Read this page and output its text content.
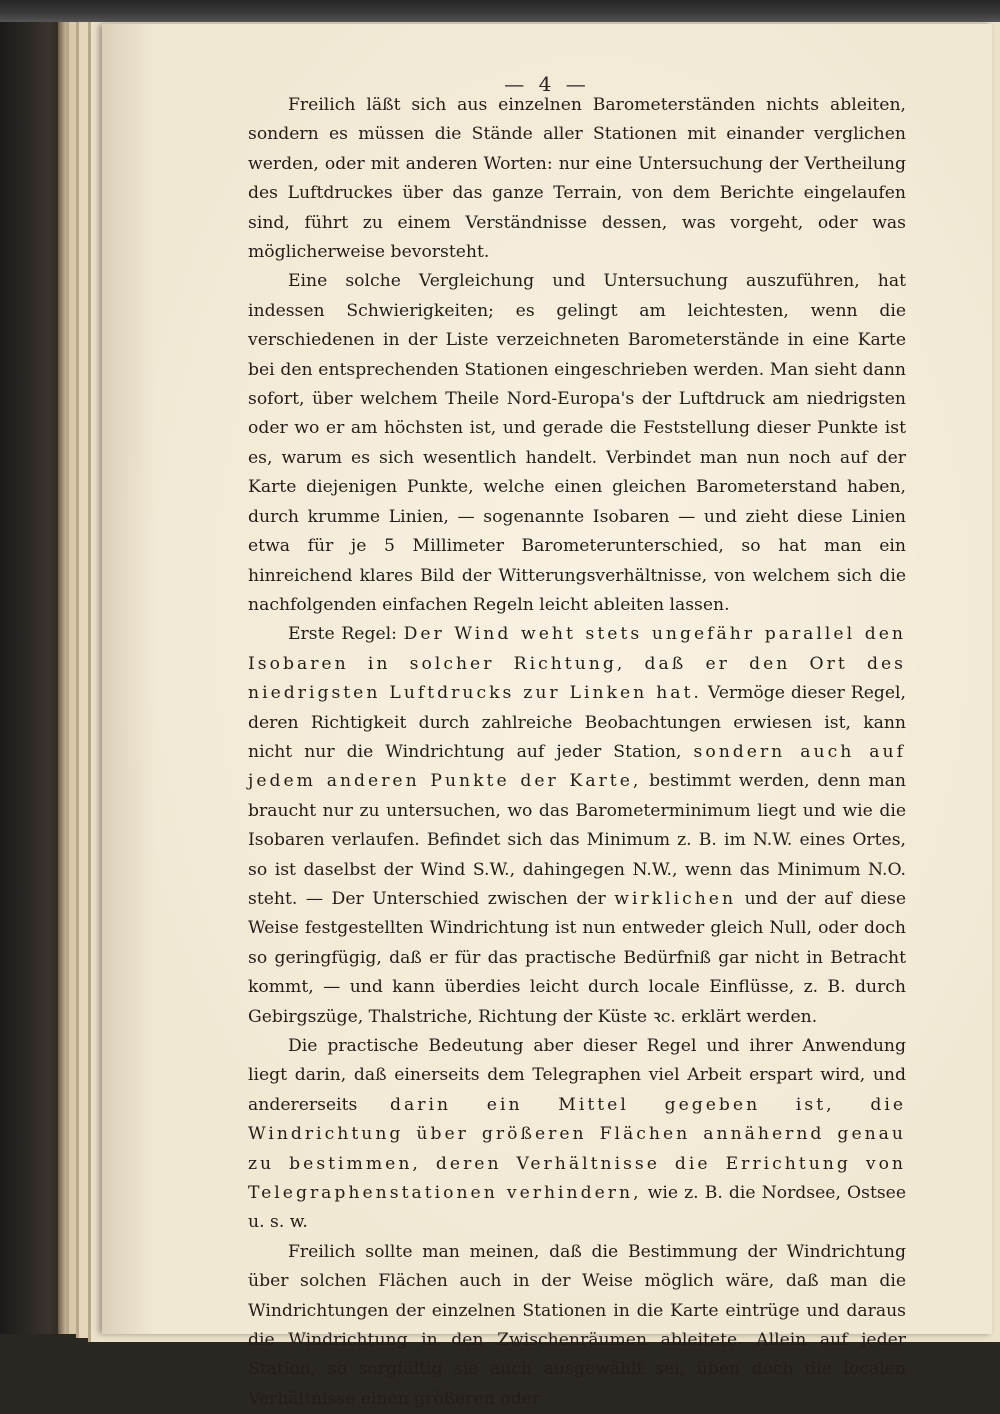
— 4 —

Freilich läßt sich aus einzelnen Barometerständen nichts ableiten, sondern es müssen die Stände aller Stationen mit einander verglichen werden, oder mit anderen Worten: nur eine Untersuchung der Vertheilung des Luftdruckes über das ganze Terrain, von dem Berichte eingelaufen sind, führt zu einem Verständnisse dessen, was vorgeht, oder was möglicherweise bevorsteht.

Eine solche Vergleichung und Untersuchung auszuführen, hat indessen Schwierigkeiten; es gelingt am leichtesten, wenn die verschiedenen in der Liste verzeichneten Barometerstände in eine Karte bei den entsprechenden Stationen eingeschrieben werden. Man sieht dann sofort, über welchem Theile Nord-Europa's der Luftdruck am niedrigsten oder wo er am höchsten ist, und gerade die Feststellung dieser Punkte ist es, warum es sich wesentlich handelt. Verbindet man nun noch auf der Karte diejenigen Punkte, welche einen gleichen Barometerstand haben, durch krumme Linien, — sogenannte Isobaren — und zieht diese Linien etwa für je 5 Millimeter Barometerunterschied, so hat man ein hinreichend klares Bild der Witterungsverhältnisse, von welchem sich die nachfolgenden einfachen Regeln leicht ableiten lassen.

Erste Regel: Der Wind weht stets ungefähr parallel den Isobaren in solcher Richtung, daß er den Ort des niedrigsten Luftdrucks zur Linken hat. Vermöge dieser Regel, deren Richtigkeit durch zahlreiche Beobachtungen erwiesen ist, kann nicht nur die Windrichtung auf jeder Station, sondern auch auf jedem anderen Punkte der Karte, bestimmt werden, denn man braucht nur zu untersuchen, wo das Barometerminimum liegt und wie die Isobaren verlaufen. Befindet sich das Minimum z. B. im N.W. eines Ortes, so ist daselbst der Wind S.W., dahingegen N.W., wenn das Minimum N.O. steht. — Der Unterschied zwischen der wirklichen und der auf diese Weise festgestellten Windrichtung ist nun entweder gleich Null, oder doch so geringfügig, daß er für das practische Bedürfniß gar nicht in Betracht kommt, — und kann überdies leicht durch locale Einflüsse, z. B. durch Gebirgszüge, Thalstriche, Richtung der Küste ꝛc. erklärt werden.

Die practische Bedeutung aber dieser Regel und ihrer Anwendung liegt darin, daß einerseits dem Telegraphen viel Arbeit erspart wird, und andererseits darin ein Mittel gegeben ist, die Windrichtung über größeren Flächen annähernd genau zu bestimmen, deren Verhältnisse die Errichtung von Telegraphenstationen verhindern, wie z. B. die Nordsee, Ostsee u. s. w.

Freilich sollte man meinen, daß die Bestimmung der Windrichtung über solchen Flächen auch in der Weise möglich wäre, daß man die Windrichtungen der einzelnen Stationen in die Karte eintrüge und daraus die Windrichtung in den Zwischenräumen ableitete. Allein auf jeder Station, so sorgfältig sie auch ausgewählt sei, üben doch die localen Verhältnisse einen größeren oder
